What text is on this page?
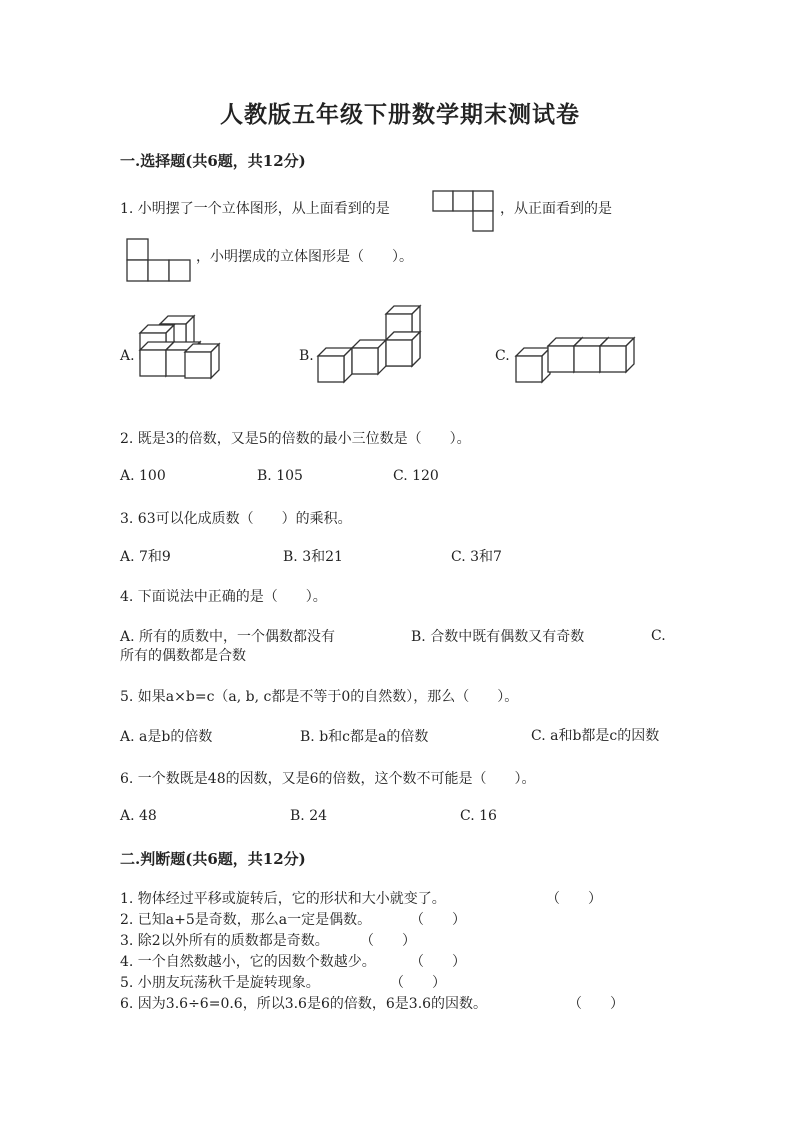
人教版五年级下册数学期末测试卷
一.选择题(共6题，共12分)
1. 小明摆了一个立体图形，从上面看到的是	，从正面看到的是
，小明摆成的立体图形是（　　）。
A.	B.	C.
2. 既是3的倍数，又是5的倍数的最小三位数是（　　）。
A. 100	B. 105	C. 120
3. 63可以化成质数（　　）的乘积。
A. 7和9	B. 3和21	C. 3和7
4. 下面说法中正确的是（　　）。
A. 所有的质数中，一个偶数都没有	B. 合数中既有偶数又有奇数	C. 所有的偶数都是合数
5. 如果a×b=c（a, b, c都是不等于0的自然数），那么（　　）。
A. a是b的倍数	B. b和c都是a的倍数	C. a和b都是c的因数
6. 一个数既是48的因数，又是6的倍数，这个数不可能是（　　）。
A. 48	B. 24	C. 16
二.判断题(共6题，共12分)
1. 物体经过平移或旋转后，它的形状和大小就变了。	（　　）
2. 已知a+5是奇数，那么a一定是偶数。	（　　）
3. 除2以外所有的质数都是奇数。 （　　）
4. 一个自然数越小，它的因数个数越少。 （　　）
5. 小朋友玩荡秋千是旋转现象。	（　　）
6. 因为3.6÷6=0.6，所以3.6是6的倍数，6是3.6的因数。	（　　）
